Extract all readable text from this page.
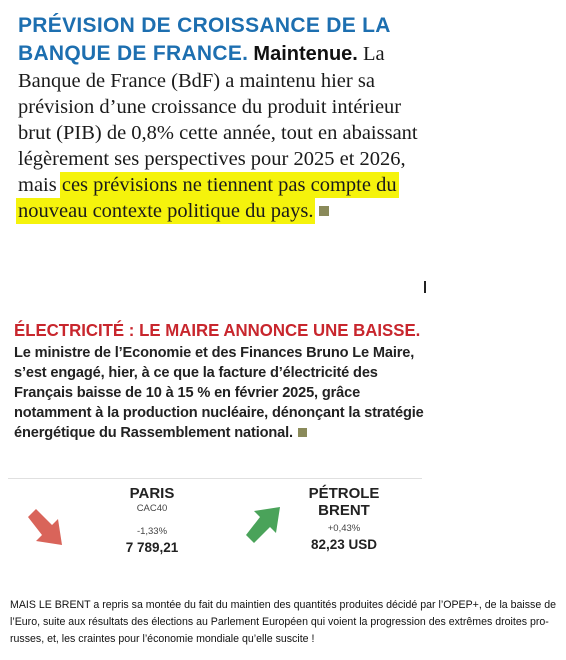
PRÉVISION DE CROISSANCE DE LA BANQUE DE FRANCE. Maintenue. La Banque de France (BdF) a maintenu hier sa prévision d’une croissance du produit intérieur brut (PIB) de 0,8% cette année, tout en abaissant légèrement ses perspectives pour 2025 et 2026, mais ces prévisions ne tiennent pas compte du nouveau contexte politique du pays.
ÉLECTRICITÉ : LE MAIRE ANNONCE UNE BAISSE.
Le ministre de l’Economie et des Finances Bruno Le Maire, s’est engagé, hier, à ce que la facture d’électricité des Français baisse de 10 à 15 % en février 2025, grâce notamment à la production nucléaire, dénonçant la stratégie énergétique du Rassemblement national.
PARIS
CAC40
-1,33%
7 789,21
PÉTROLE BRENT
+0,43%
82,23 USD
MAIS LE BRENT a repris sa montée du fait du maintien des quantités produites décidé par l’OPEP+, de la baisse de l’Euro, suite aux résultats des élections au Parlement Européen qui voient la progression des extrêmes droites pro-russes, et, les craintes pour l’économie mondiale qu’elle suscite !
